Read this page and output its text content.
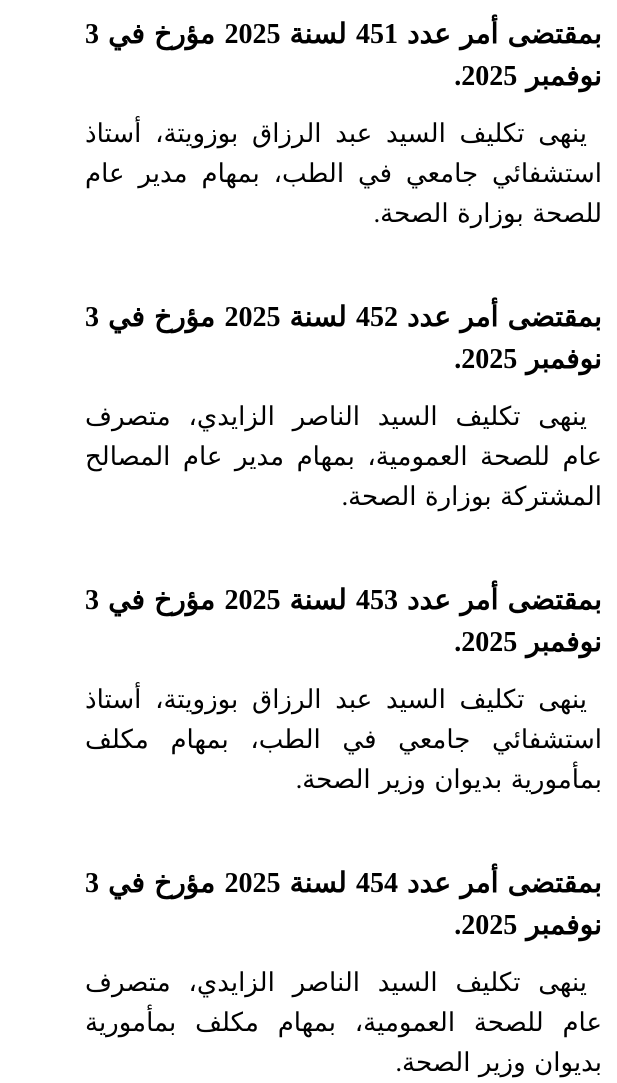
بمقتضى أمر عدد 451 لسنة 2025 مؤرخ في 3 نوفمبر 2025.

ينهى تكليف السيد عبد الرزاق بوزويتة، أستاذ استشفائي جامعي في الطب، بمهام مدير عام للصحة بوزارة الصحة.

بمقتضى أمر عدد 452 لسنة 2025 مؤرخ في 3 نوفمبر 2025.

ينهى تكليف السيد الناصر الزايدي، متصرف عام للصحة العمومية، بمهام مدير عام المصالح المشتركة بوزارة الصحة.

بمقتضى أمر عدد 453 لسنة 2025 مؤرخ في 3 نوفمبر 2025.

ينهى تكليف السيد عبد الرزاق بوزويتة، أستاذ استشفائي جامعي في الطب، بمهام مكلف بمأمورية بديوان وزير الصحة.

بمقتضى أمر عدد 454 لسنة 2025 مؤرخ في 3 نوفمبر 2025.

ينهى تكليف السيد الناصر الزايدي، متصرف عام للصحة العمومية، بمهام مكلف بمأمورية بديوان وزير الصحة.
